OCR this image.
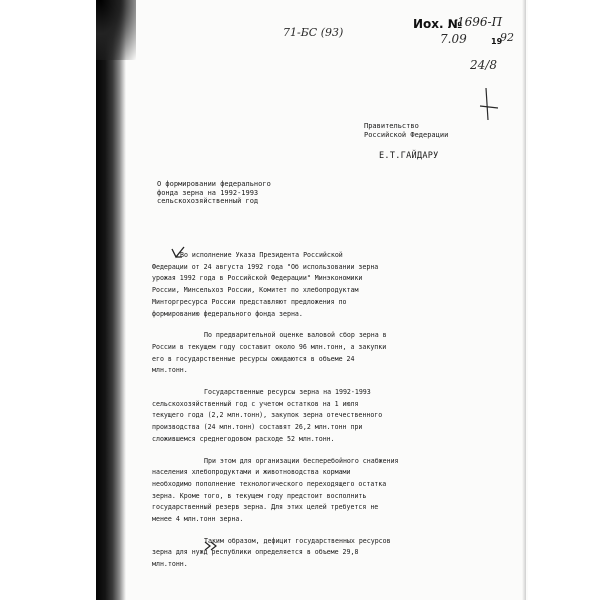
71-БС (93)
Иох. №
1696-П
7.09	19
92
24/8
Правительство
Российской Федерации
Е.Т.ГАЙДАРУ
О формировании федерального
фонда зерна на 1992-1993
сельскохозяйственный год
Во исполнение Указа Президента Российской
Федерации от 24 августа 1992 года "Об использовании зерна
урожая 1992 года в Российской Федерации" Минэкономики
России, Минсельхоз России, Комитет по хлебопродуктам
Минторгресурса России представляют предложения по
формированию федерального фонда зерна.
По предварительной оценке валовой сбор зерна в
России в текущем году составит около 96 млн.тонн, а закупки
его в государственные ресурсы ожидаются в объеме 24
млн.тонн.
Государственные ресурсы зерна на 1992-1993
сельскохозяйственный год с учетом остатков на 1 июля
текущего года (2,2 млн.тонн), закупок зерна отечественного
производства (24 млн.тонн) составят 26,2 млн.тонн при
сложившемся среднегодовом расходе 52 млн.тонн.
При этом для организации бесперебойного снабжения
населения хлебопродуктами и животноводства кормами
необходимо пополнение технологического переходящего остатка
зерна. Кроме того, в текущем году предстоит восполнить
государственный резерв зерна. Для этих целей требуется не
менее 4 млн.тонн зерна.
Таким образом, дефицит государственных ресурсов
зерна для нужд республики определяется в объеме 29,8
млн.тонн.
